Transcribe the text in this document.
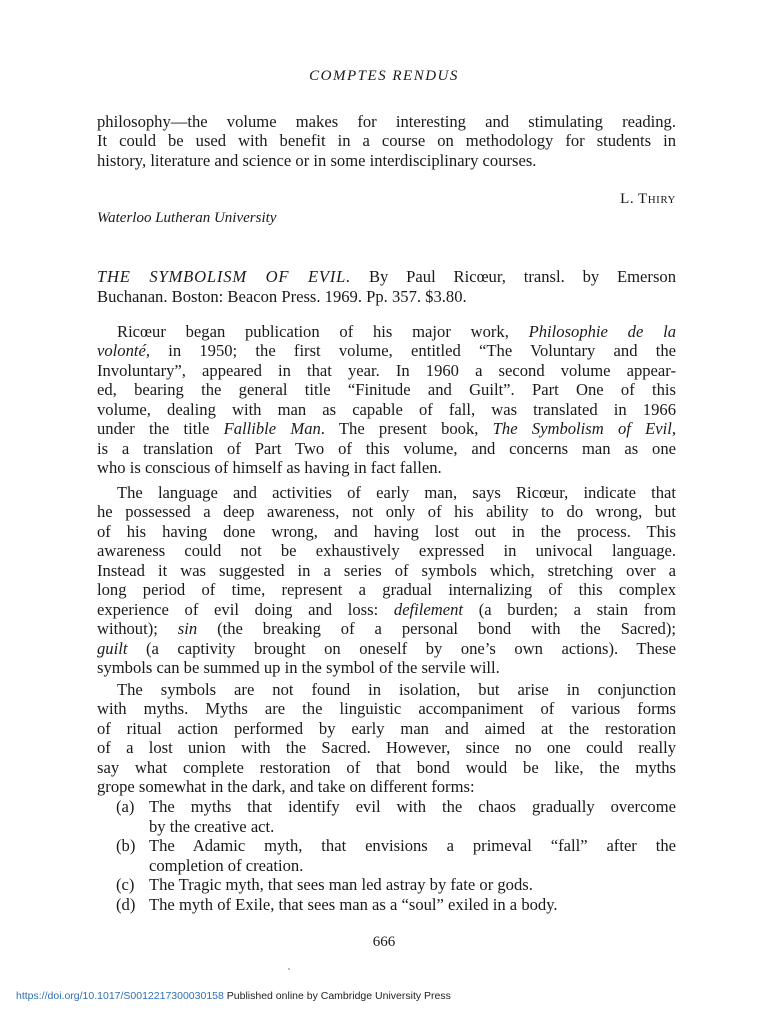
COMPTES RENDUS
philosophy—the volume makes for interesting and stimulating reading.
It could be used with benefit in a course on methodology for students in
history, literature and science or in some interdisciplinary courses.
L. Thiry
Waterloo Lutheran University
THE SYMBOLISM OF EVIL. By Paul Ricœur, transl. by Emerson
Buchanan. Boston: Beacon Press. 1969. Pp. 357. $3.80.
Ricœur began publication of his major work, Philosophie de la
volonté, in 1950; the first volume, entitled “The Voluntary and the
Involuntary”, appeared in that year. In 1960 a second volume appear-
ed, bearing the general title “Finitude and Guilt”. Part One of this
volume, dealing with man as capable of fall, was translated in 1966
under the title Fallible Man. The present book, The Symbolism of Evil,
is a translation of Part Two of this volume, and concerns man as one
who is conscious of himself as having in fact fallen.
The language and activities of early man, says Ricœur, indicate that
he possessed a deep awareness, not only of his ability to do wrong, but
of his having done wrong, and having lost out in the process. This
awareness could not be exhaustively expressed in univocal language.
Instead it was suggested in a series of symbols which, stretching over a
long period of time, represent a gradual internalizing of this complex
experience of evil doing and loss: defilement (a burden; a stain from
without); sin (the breaking of a personal bond with the Sacred);
guilt (a captivity brought on oneself by one’s own actions). These
symbols can be summed up in the symbol of the servile will.
The symbols are not found in isolation, but arise in conjunction
with myths. Myths are the linguistic accompaniment of various forms
of ritual action performed by early man and aimed at the restoration
of a lost union with the Sacred. However, since no one could really
say what complete restoration of that bond would be like, the myths
grope somewhat in the dark, and take on different forms:
(a) The myths that identify evil with the chaos gradually overcome
by the creative act.
(b) The Adamic myth, that envisions a primeval “fall” after the
completion of creation.
(c) The Tragic myth, that sees man led astray by fate or gods.
(d) The myth of Exile, that sees man as a “soul” exiled in a body.
666
https://doi.org/10.1017/S0012217300030158 Published online by Cambridge University Press
